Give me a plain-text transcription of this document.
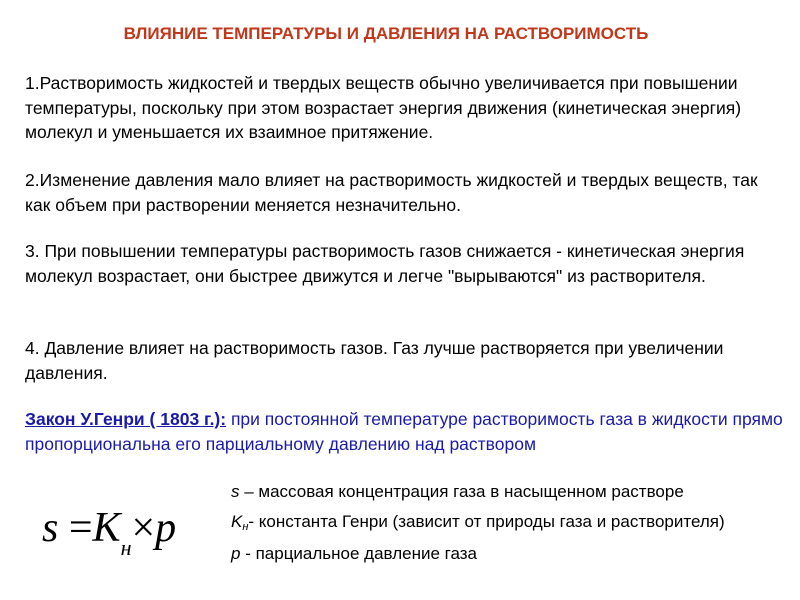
ВЛИЯНИЕ ТЕМПЕРАТУРЫ И ДАВЛЕНИЯ НА РАСТВОРИМОСТЬ
1.Растворимость жидкостей и твердых веществ обычно увеличивается при повышении температуры, поскольку при этом возрастает энергия движения (кинетическая энергия) молекул и уменьшается их взаимное притяжение.
2.Изменение давления мало влияет на растворимость жидкостей и твердых веществ, так как объем при растворении меняется незначительно.
3. При повышении температуры растворимость газов снижается - кинетическая энергия молекул возрастает, они быстрее движутся и легче "вырываются" из растворителя.
4. Давление влияет на растворимость газов. Газ лучше растворяется при увеличении давления.
Закон У.Генри ( 1803 г.): при постоянной температуре растворимость газа в жидкости прямо пропорциональна его парциальному давлению над раствором
$s =K_н\times p$
s – массовая концентрация газа в насыщенном растворе
Kн- константа Генри (зависит от природы газа и растворителя)
p - парциальное давление газа
